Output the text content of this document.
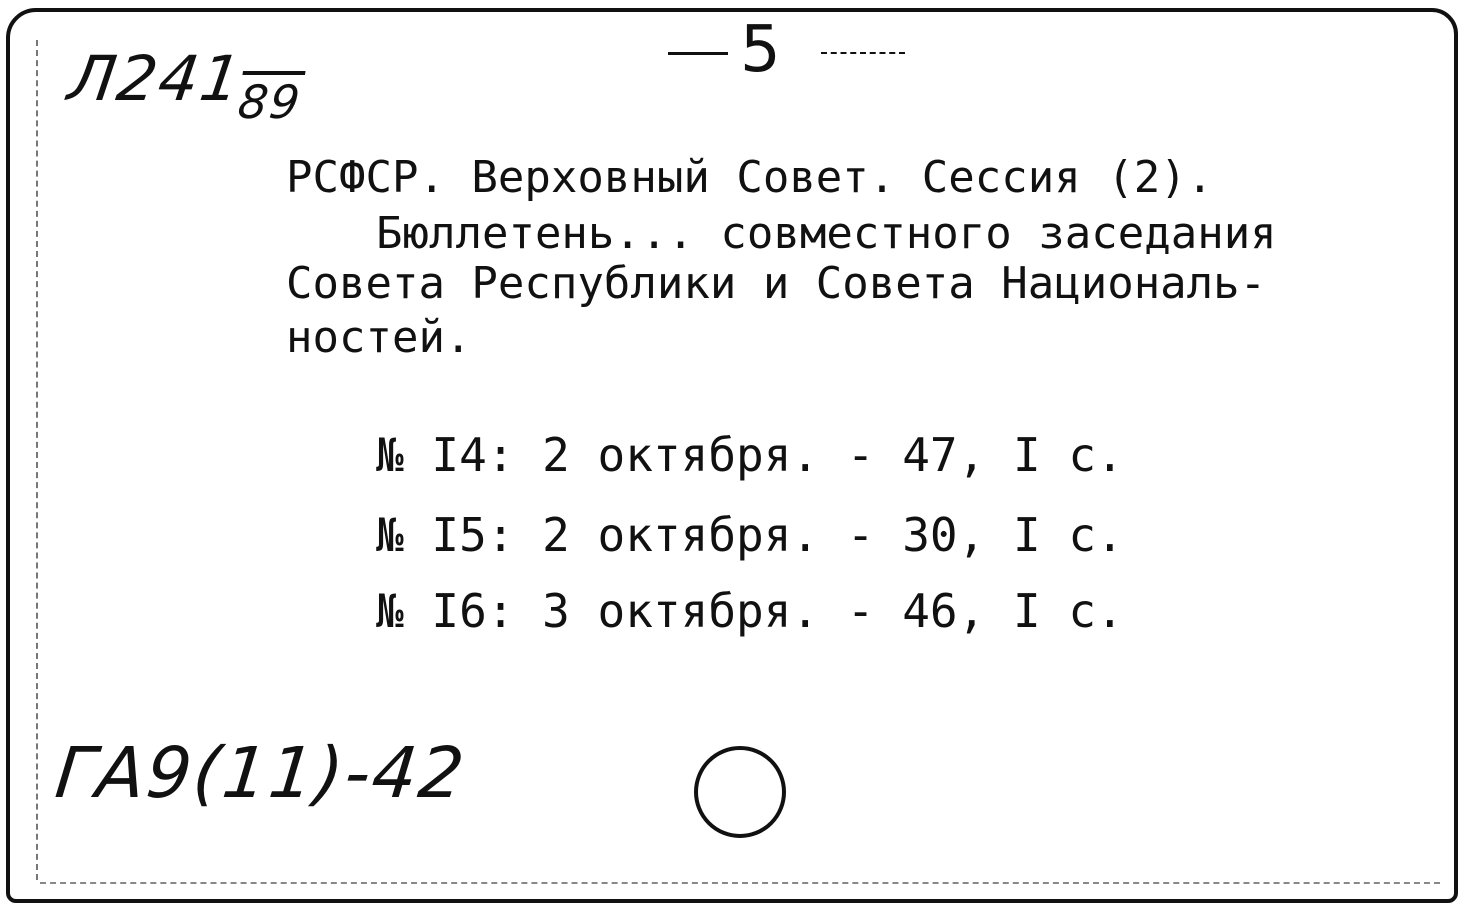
5
$Л241_{89}$
РСФСР. Верховный Совет. Сессия (2).
Бюллетень... совместного заседания
Совета Республики и Совета Националь-
ностей.
№ I4: 2 октября. - 47, I с.
№ I5: 2 октября. - 30, I с.
№ I6: 3 октября. - 46, I с.
ГА9(11)-42
